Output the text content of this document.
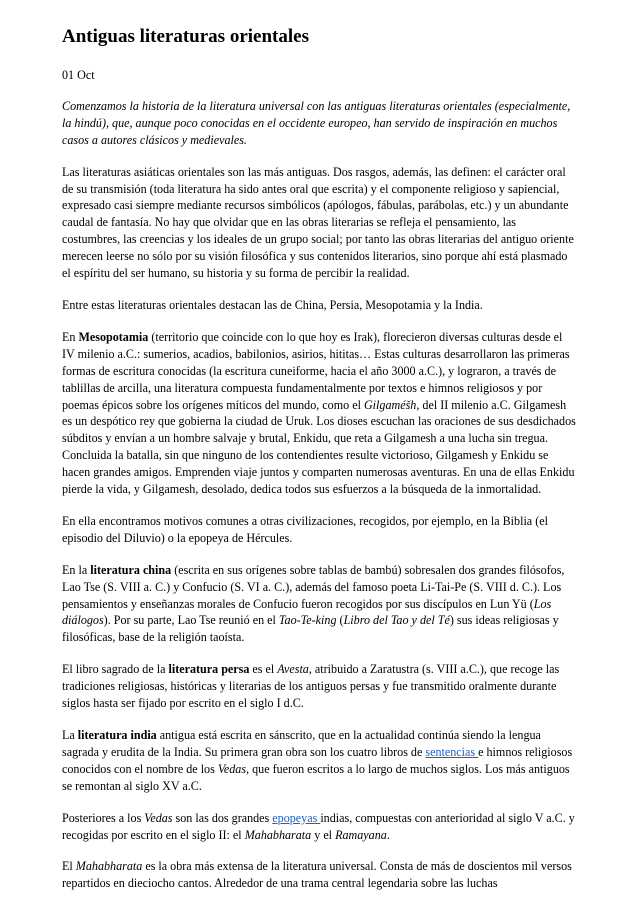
Antiguas literaturas orientales
01 Oct

Comenzamos la historia de la literatura universal con las antiguas literaturas orientales (especialmente, la hindú), que, aunque poco conocidas en el occidente europeo, han servido de inspiración en muchos casos a autores clásicos y medievales.

Las literaturas asiáticas orientales son las más antiguas. Dos rasgos, además, las definen: el carácter oral de su transmisión (toda literatura ha sido antes oral que escrita) y el componente religioso y sapiencial, expresado casi siempre mediante recursos simbólicos (apólogos, fábulas, parábolas, etc.) y un abundante caudal de fantasía. No hay que olvidar que en las obras literarias se refleja el pensamiento, las costumbres, las creencias y los ideales de un grupo social; por tanto las obras literarias del antiguo oriente merecen leerse no sólo por su visión filosófica y sus contenidos literarios, sino porque ahí está plasmado el espíritu del ser humano, su historia y su forma de percibir la realidad.

Entre estas literaturas orientales destacan las de China, Persia, Mesopotamia y la India.

En Mesopotamia (territorio que coincide con lo que hoy es Irak), florecieron diversas culturas desde el IV milenio a.C.: sumerios, acadios, babilonios, asirios, hititas… Estas culturas desarrollaron las primeras formas de escritura conocidas (la escritura cuneiforme, hacia el año 3000 a.C.), y lograron, a través de tablillas de arcilla, una literatura compuesta fundamentalmente por textos e himnos religiosos y por poemas épicos sobre los orígenes míticos del mundo, como el Gilgaméšh, del II milenio a.C. Gilgamesh es un despótico rey que gobierna la ciudad de Uruk. Los dioses escuchan las oraciones de sus desdichados súbditos y envían a un hombre salvaje y brutal, Enkidu, que reta a Gilgamesh a una lucha sin tregua. Concluida la batalla, sin que ninguno de los contendientes resulte victorioso, Gilgamesh y Enkidu se hacen grandes amigos. Emprenden viaje juntos y comparten numerosas aventuras. En una de ellas Enkidu pierde la vida, y Gilgamesh, desolado, dedica todos sus esfuerzos a la búsqueda de la inmortalidad.

En ella encontramos motivos comunes a otras civilizaciones, recogidos, por ejemplo, en la Biblia (el episodio del Diluvio) o la epopeya de Hércules.

En la literatura china (escrita en sus orígenes sobre tablas de bambú) sobresalen dos grandes filósofos, Lao Tse (S. VIII a. C.) y Confucio (S. VI a. C.), además del famoso poeta Li-Tai-Pe (S. VIII d. C.). Los pensamientos y enseñanzas morales de Confucio fueron recogidos por sus discípulos en Lun Yü (Los diálogos). Por su parte, Lao Tse reunió en el Tao-Te-king (Libro del Tao y del Té) sus ideas religiosas y filosóficas, base de la religión taoísta.

El libro sagrado de la literatura persa es el Avesta, atribuido a Zaratustra (s. VIII a.C.), que recoge las tradiciones religiosas, históricas y literarias de los antiguos persas y fue transmitido oralmente durante siglos hasta ser fijado por escrito en el siglo I d.C.

La literatura india antigua está escrita en sánscrito, que en la actualidad continúa siendo la lengua sagrada y erudita de la India. Su primera gran obra son los cuatro libros de sentencias e himnos religiosos conocidos con el nombre de los Vedas, que fueron escritos a lo largo de muchos siglos. Los más antiguos se remontan al siglo XV a.C.

Posteriores a los Vedas son las dos grandes epopeyas indias, compuestas con anterioridad al siglo V a.C. y recogidas por escrito en el siglo II: el Mahabharata y el Ramayana.

El Mahabharata es la obra más extensa de la literatura universal. Consta de más de doscientos mil versos repartidos en dieciocho cantos. Alrededor de una trama central legendaria sobre las luchas
